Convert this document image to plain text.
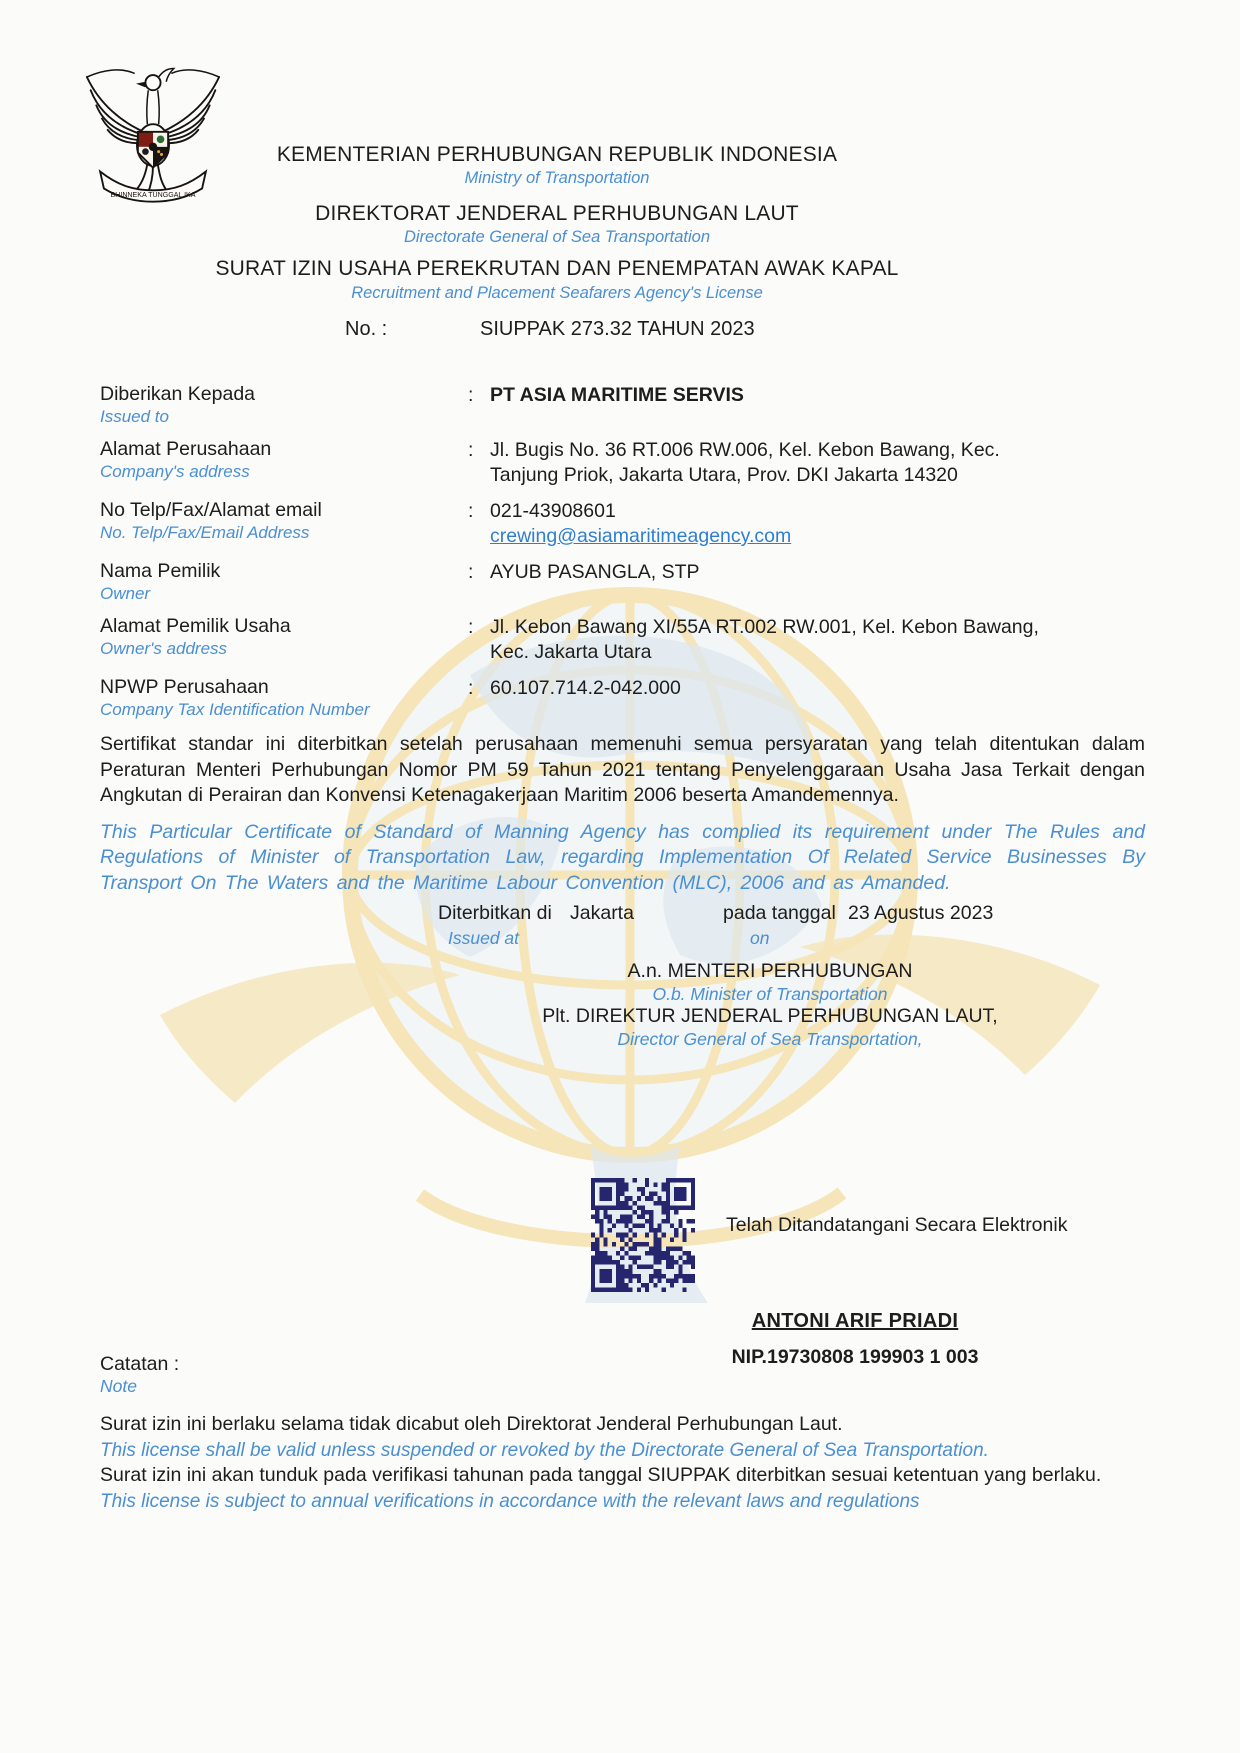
BHINNEKA TUNGGAL IKA
KEMENTERIAN PERHUBUNGAN REPUBLIK INDONESIA
Ministry of Transportation
DIREKTORAT JENDERAL PERHUBUNGAN LAUT
Directorate General of Sea Transportation
SURAT IZIN USAHA PEREKRUTAN DAN PENEMPATAN AWAK KAPAL
Recruitment and Placement Seafarers Agency's License
No. :	SIUPPAK 273.32 TAHUN 2023
Diberikan Kepada
Issued to
: PT ASIA MARITIME SERVIS
Alamat Perusahaan
Company's address
: Jl. Bugis No. 36 RT.006 RW.006, Kel. Kebon Bawang, Kec.
Tanjung Priok, Jakarta Utara, Prov. DKI Jakarta 14320
No Telp/Fax/Alamat email
No. Telp/Fax/Email Address
: 021-43908601
crewing@asiamaritimeagency.com
Nama Pemilik
Owner
: AYUB PASANGLA, STP
Alamat Pemilik Usaha
Owner's address
: Jl. Kebon Bawang XI/55A RT.002 RW.001, Kel. Kebon Bawang,
Kec. Jakarta Utara
NPWP Perusahaan
Company Tax Identification Number
: 60.107.714.2-042.000
Sertifikat standar ini diterbitkan setelah perusahaan memenuhi semua persyaratan yang telah ditentukan dalam Peraturan Menteri Perhubungan Nomor PM 59 Tahun 2021 tentang Penyelenggaraan Usaha Jasa Terkait dengan Angkutan di Perairan dan Konvensi Ketenagakerjaan Maritim 2006 beserta Amandemennya.
This Particular Certificate of Standard of Manning Agency has complied its requirement under The Rules and Regulations of Minister of Transportation Law, regarding Implementation Of Related Service Businesses By Transport On The Waters and the Maritime Labour Convention (MLC), 2006 and as Amanded.
Diterbitkan di Jakarta	pada tanggal 23 Agustus 2023
Issued at	on
A.n. MENTERI PERHUBUNGAN
O.b. Minister of Transportation
Plt. DIREKTUR JENDERAL PERHUBUNGAN LAUT,
Director General of Sea Transportation,
Telah Ditandatangani Secara Elektronik
ANTONI ARIF PRIADI
NIP.19730808 199903 1 003
Catatan :
Note
Surat izin ini berlaku selama tidak dicabut oleh Direktorat Jenderal Perhubungan Laut.
This license shall be valid unless suspended or revoked by the Directorate General of Sea Transportation.
Surat izin ini akan tunduk pada verifikasi tahunan pada tanggal SIUPPAK diterbitkan sesuai ketentuan yang berlaku.
This license is subject to annual verifications in accordance with the relevant laws and regulations
